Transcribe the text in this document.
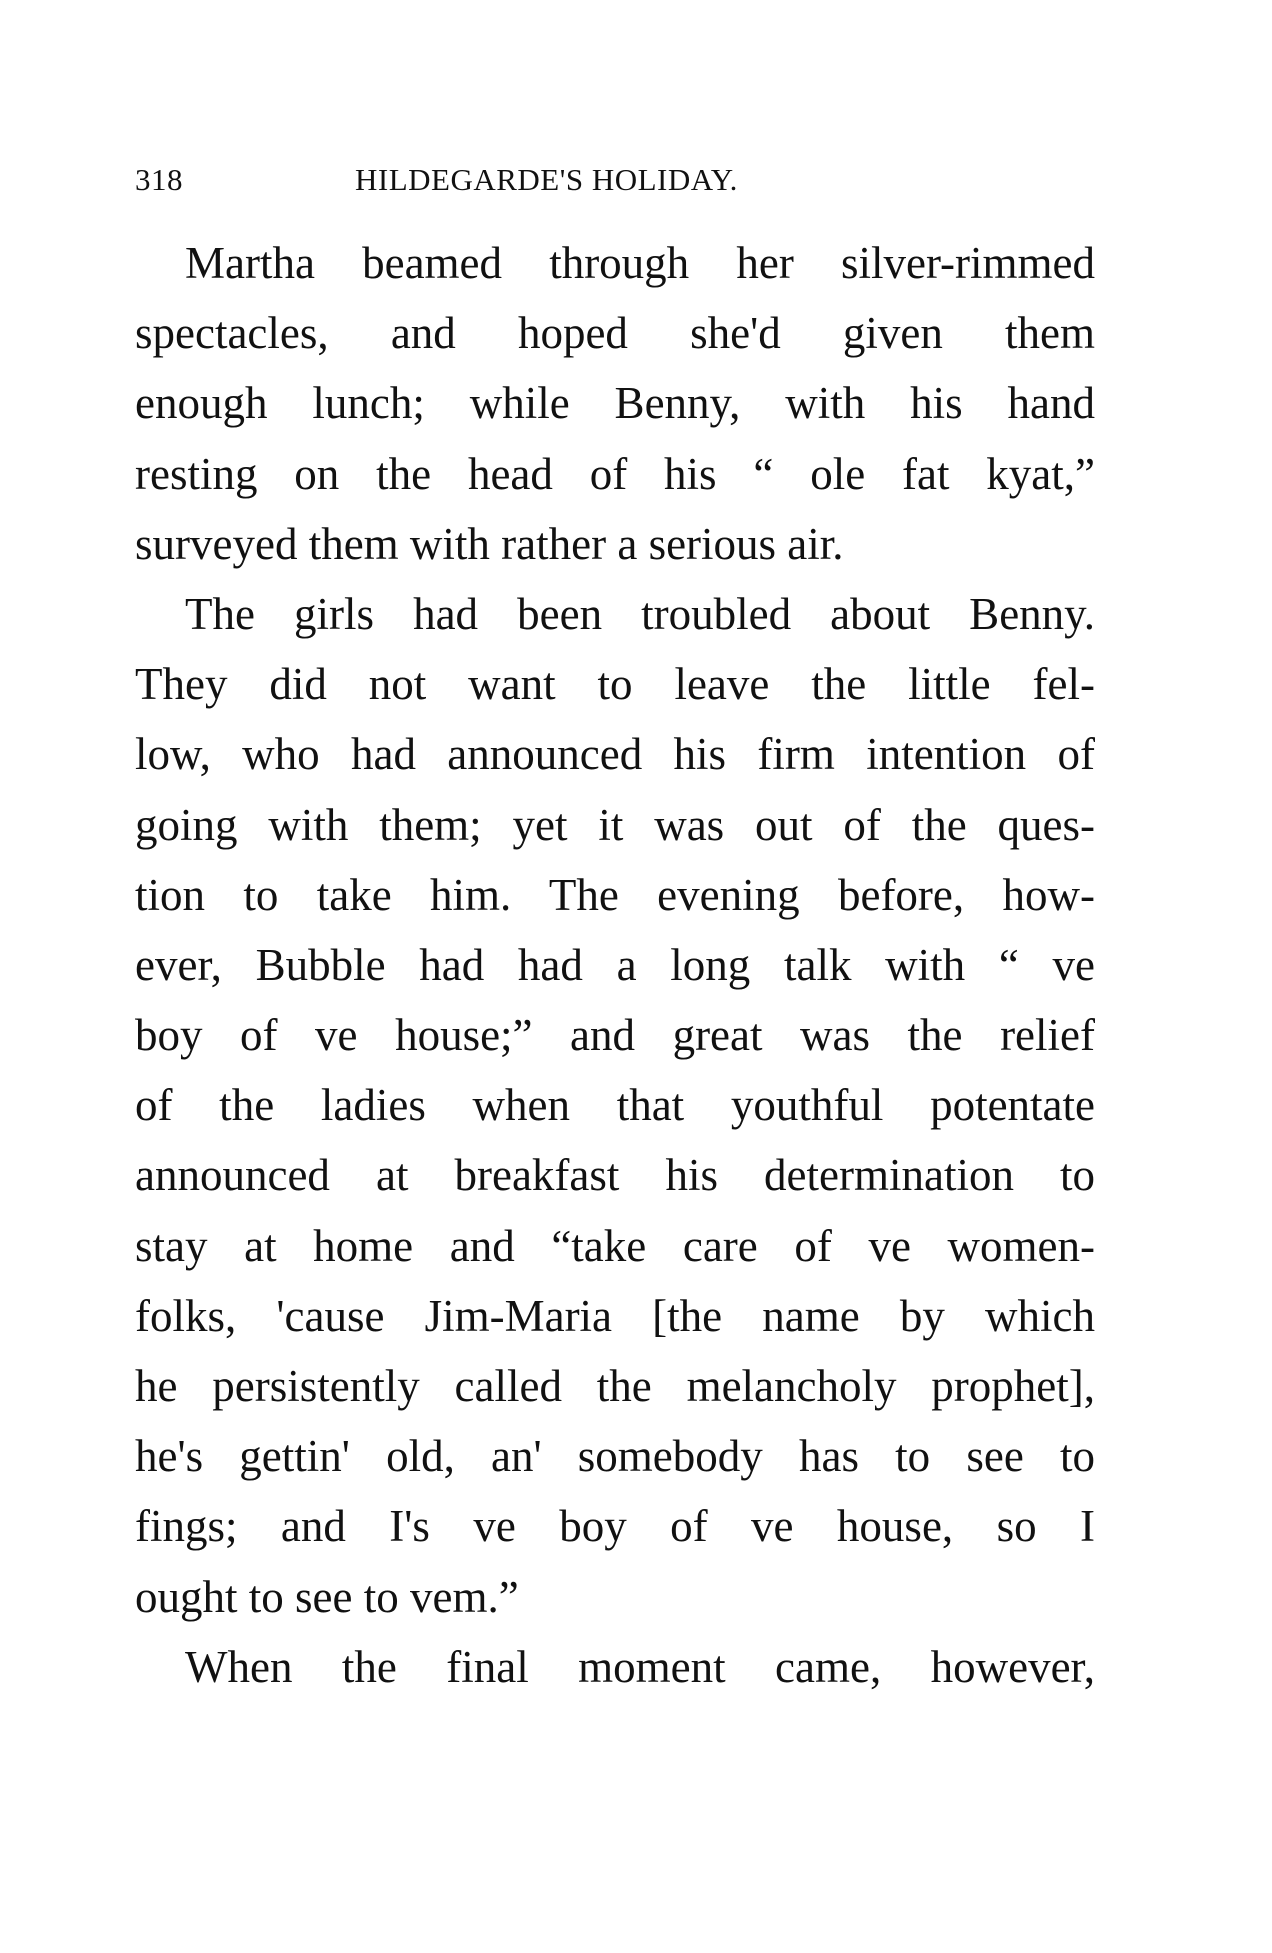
318	HILDEGARDE'S HOLIDAY.
Martha beamed through her silver-rimmed
spectacles, and hoped she'd given them
enough lunch; while Benny, with his hand
resting on the head of his “ ole fat kyat,”
surveyed them with rather a serious air.
The girls had been troubled about Benny.
They did not want to leave the little fel-
low, who had announced his firm intention of
going with them; yet it was out of the ques-
tion to take him. The evening before, how-
ever, Bubble had had a long talk with “ ve
boy of ve house;” and great was the relief
of the ladies when that youthful potentate
announced at breakfast his determination to
stay at home and “take care of ve women-
folks, 'cause Jim-Maria [the name by which
he persistently called the melancholy prophet],
he's gettin' old, an' somebody has to see to
fings; and I's ve boy of ve house, so I
ought to see to vem.”
When the final moment came, however,
